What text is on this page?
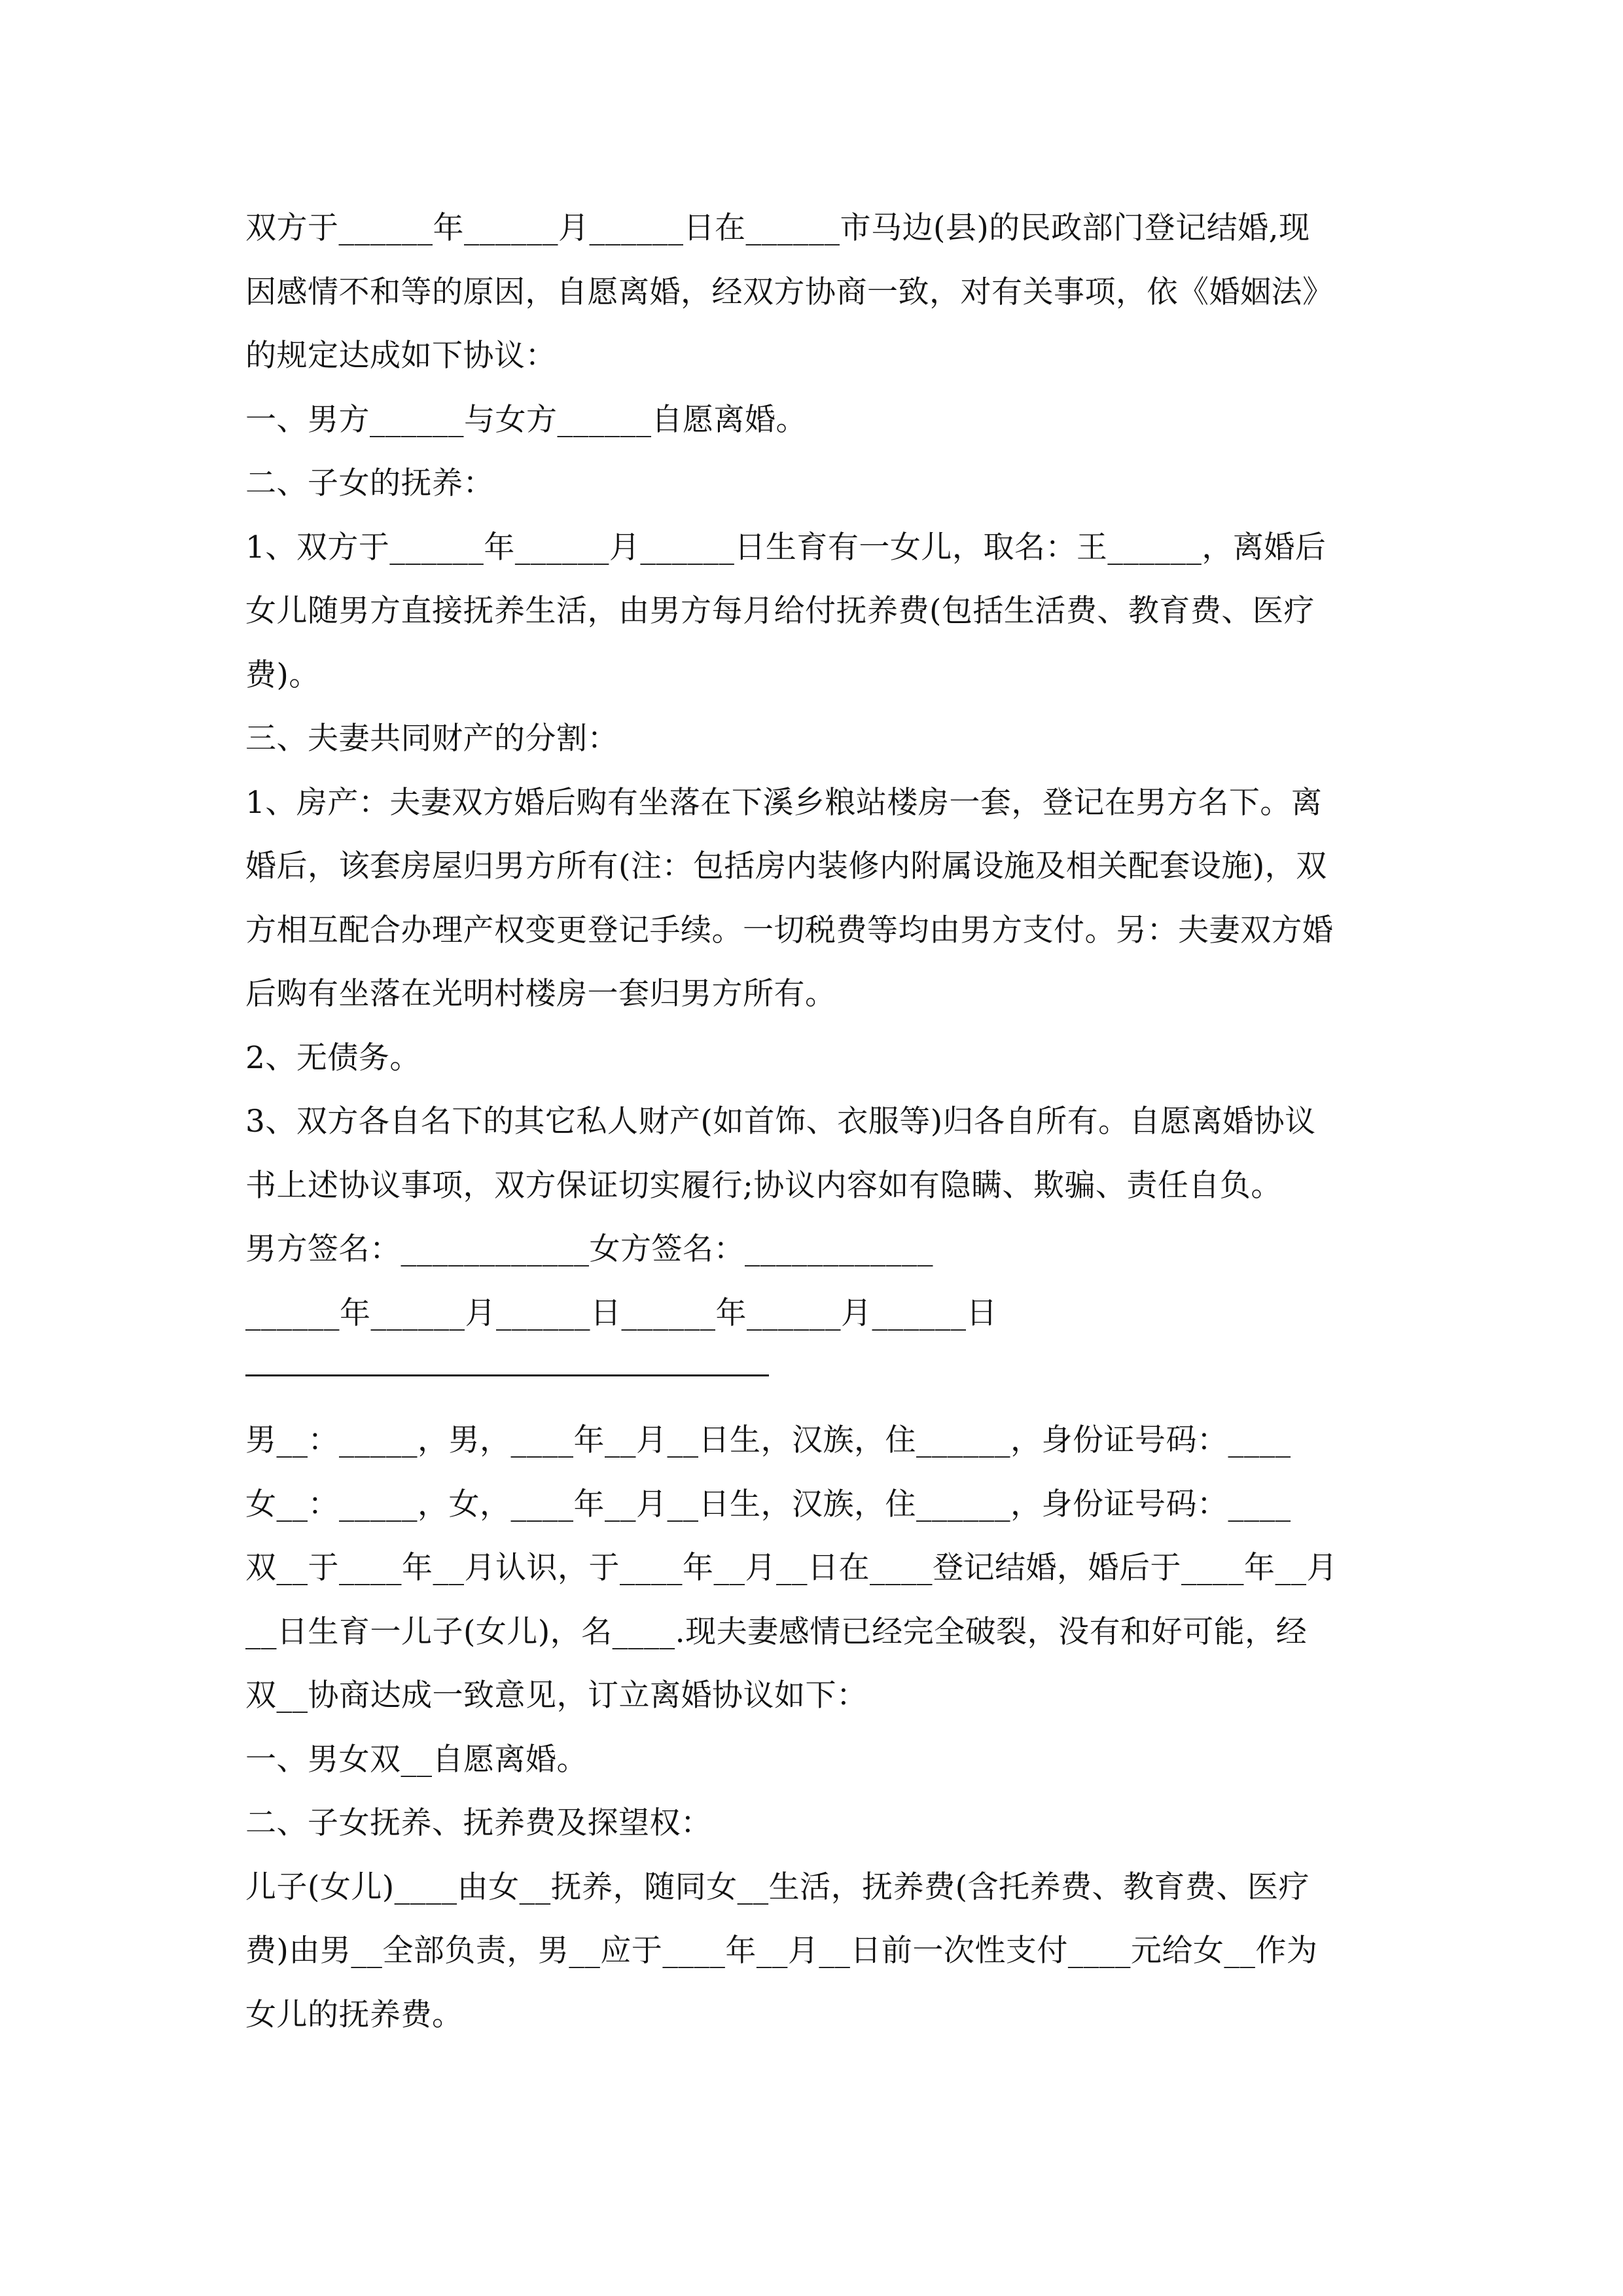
双方于______年______月______日在______市马边(县)的民政部门登记结婚,现

因感情不和等的原因，自愿离婚，经双方协商一致，对有关事项，依《婚姻法》

的规定达成如下协议：

一、男方______与女方______自愿离婚。

二、子女的抚养：

1、双方于______年______月______日生育有一女儿，取名：王______，离婚后

女儿随男方直接抚养生活，由男方每月给付抚养费(包括生活费、教育费、医疗

费)。

三、夫妻共同财产的分割：

1、房产：夫妻双方婚后购有坐落在下溪乡粮站楼房一套，登记在男方名下。离

婚后，该套房屋归男方所有(注：包括房内装修内附属设施及相关配套设施)，双

方相互配合办理产权变更登记手续。一切税费等均由男方支付。另：夫妻双方婚

后购有坐落在光明村楼房一套归男方所有。

2、无债务。

3、双方各自名下的其它私人财产(如首饰、衣服等)归各自所有。自愿离婚协议

书上述协议事项，双方保证切实履行;协议内容如有隐瞒、欺骗、责任自负。

男方签名：____________女方签名：____________

______年______月______日______年______月______日

男__：_____，男，____年__月__日生，汉族，住______，身份证号码：____

女__：_____，女，____年__月__日生，汉族，住______，身份证号码：____

双__于____年__月认识，于____年__月__日在____登记结婚，婚后于____年__月

__日生育一儿子(女儿)，名____.现夫妻感情已经完全破裂，没有和好可能，经

双__协商达成一致意见，订立离婚协议如下：

一、男女双__自愿离婚。

二、子女抚养、抚养费及探望权：

儿子(女儿)____由女__抚养，随同女__生活，抚养费(含托养费、教育费、医疗

费)由男__全部负责，男__应于____年__月__日前一次性支付____元给女__作为

女儿的抚养费。
